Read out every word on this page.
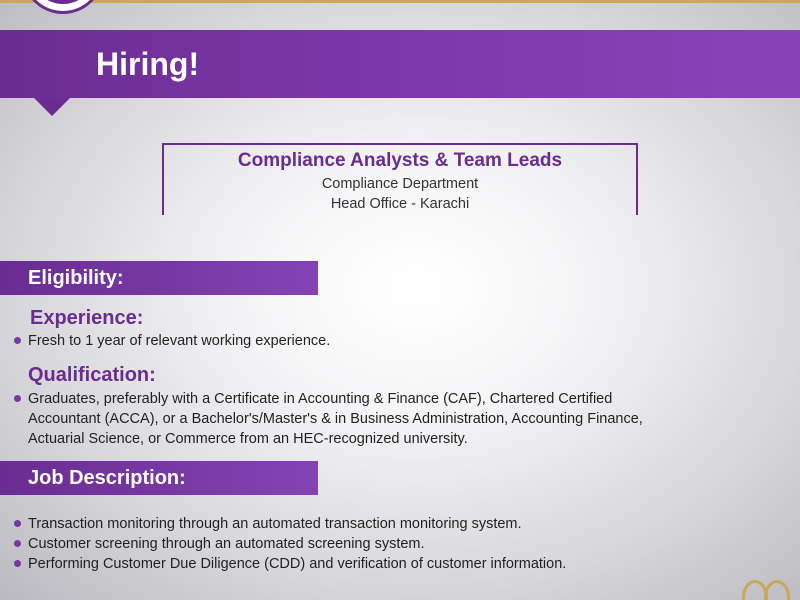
Hiring!
Compliance Analysts & Team Leads
Compliance Department
Head Office - Karachi
Eligibility:
Experience:
Fresh to 1 year of relevant working experience.
Qualification:
Graduates, preferably with a Certificate in Accounting & Finance (CAF), Chartered Certified Accountant (ACCA), or a Bachelor's/Master's & in Business Administration, Accounting Finance, Actuarial Science, or Commerce from an HEC-recognized university.
Job Description:
Transaction monitoring through an automated transaction monitoring system.
Customer screening through an automated screening system.
Performing Customer Due Diligence (CDD) and verification of customer information.
